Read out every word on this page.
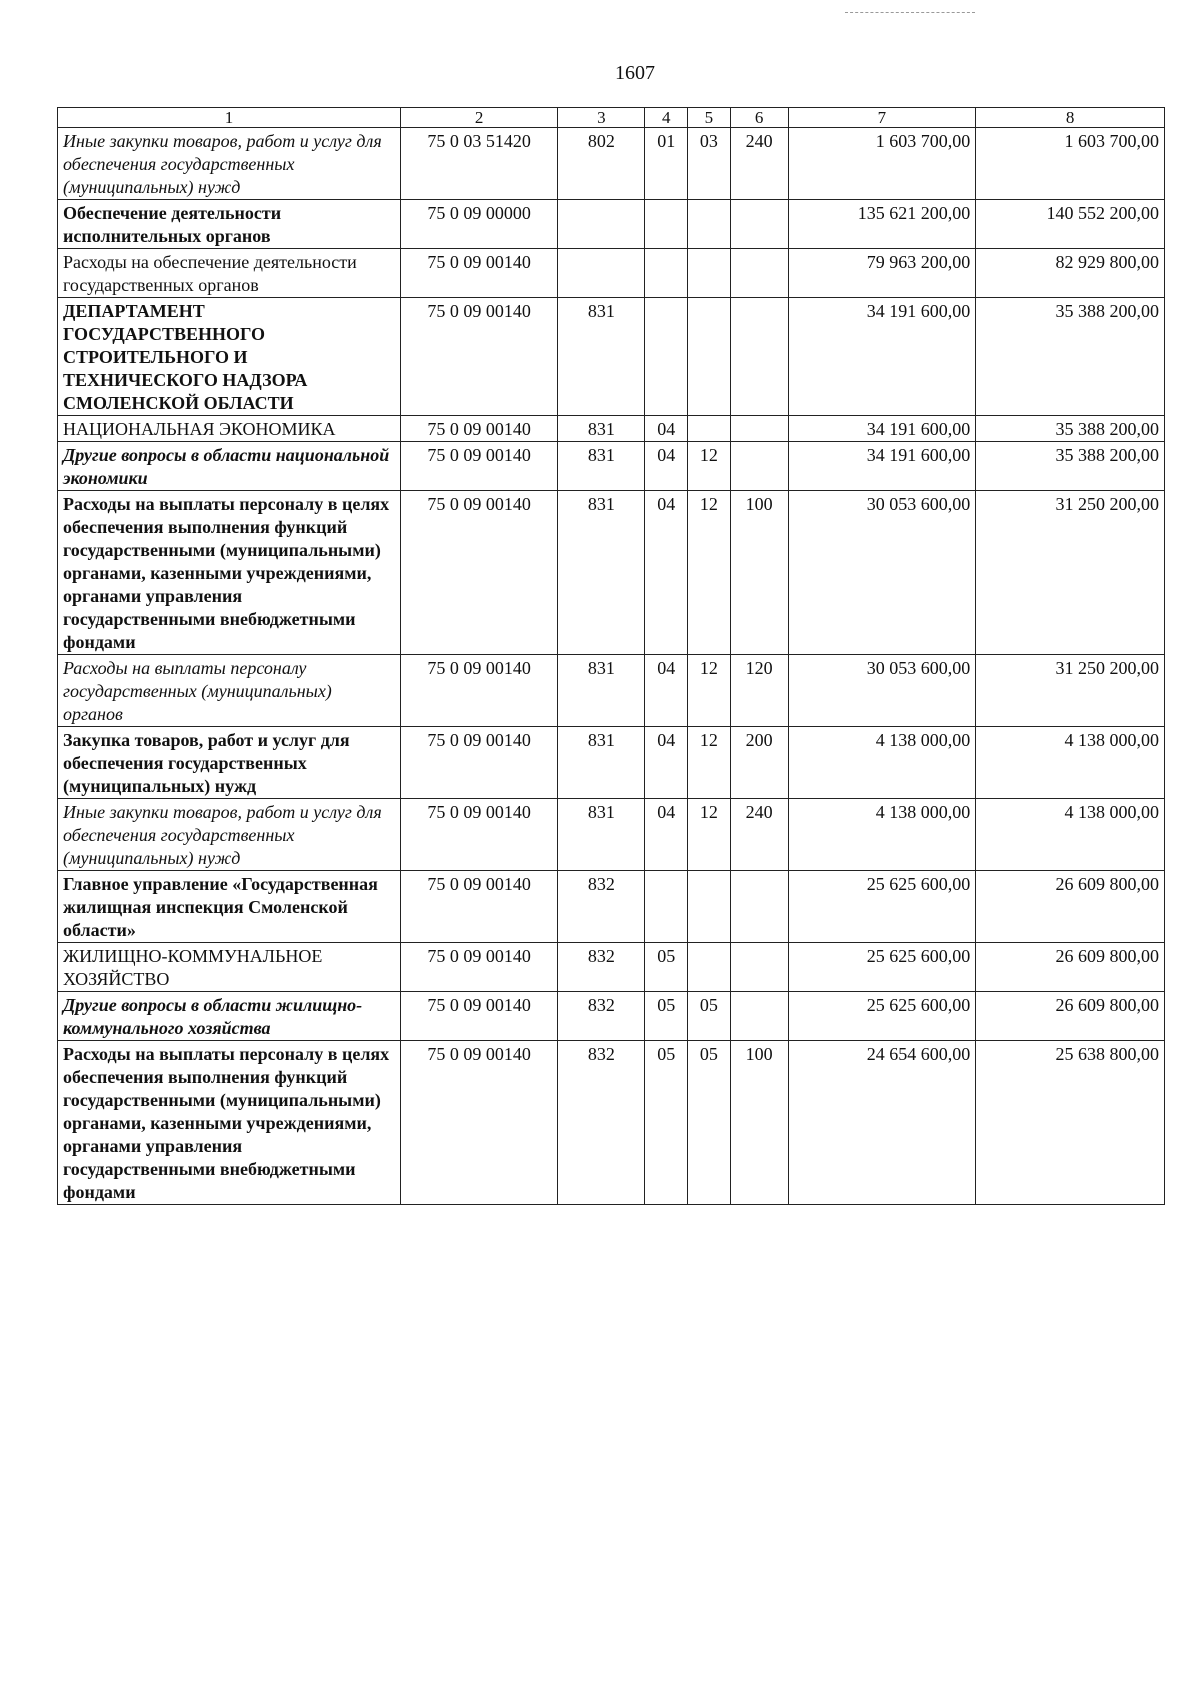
1607
1	2	3	4	5	6	7	8
Иные закупки товаров, работ и услуг для обеспечения государственных (муниципальных) нужд	75 0 03 51420	802	01	03	240	1 603 700,00	1 603 700,00
Обеспечение деятельности исполнительных органов	75 0 09 00000					135 621 200,00	140 552 200,00
Расходы на обеспечение деятельности государственных органов	75 0 09 00140					79 963 200,00	82 929 800,00
ДЕПАРТАМЕНТ ГОСУДАРСТВЕННОГО СТРОИТЕЛЬНОГО И ТЕХНИЧЕСКОГО НАДЗОРА СМОЛЕНСКОЙ ОБЛАСТИ	75 0 09 00140	831				34 191 600,00	35 388 200,00
НАЦИОНАЛЬНАЯ ЭКОНОМИКА	75 0 09 00140	831	04			34 191 600,00	35 388 200,00
Другие вопросы в области национальной экономики	75 0 09 00140	831	04	12		34 191 600,00	35 388 200,00
Расходы на выплаты персоналу в целях обеспечения выполнения функций государственными (муниципальными) органами, казенными учреждениями, органами управления государственными внебюджетными фондами	75 0 09 00140	831	04	12	100	30 053 600,00	31 250 200,00
Расходы на выплаты персоналу государственных (муниципальных) органов	75 0 09 00140	831	04	12	120	30 053 600,00	31 250 200,00
Закупка товаров, работ и услуг для обеспечения государственных (муниципальных) нужд	75 0 09 00140	831	04	12	200	4 138 000,00	4 138 000,00
Иные закупки товаров, работ и услуг для обеспечения государственных (муниципальных) нужд	75 0 09 00140	831	04	12	240	4 138 000,00	4 138 000,00
Главное управление «Государственная жилищная инспекция Смоленской области»	75 0 09 00140	832				25 625 600,00	26 609 800,00
ЖИЛИЩНО-КОММУНАЛЬНОЕ ХОЗЯЙСТВО	75 0 09 00140	832	05			25 625 600,00	26 609 800,00
Другие вопросы в области жилищно-коммунального хозяйства	75 0 09 00140	832	05	05		25 625 600,00	26 609 800,00
Расходы на выплаты персоналу в целях обеспечения выполнения функций государственными (муниципальными) органами, казенными учреждениями, органами управления государственными внебюджетными фондами	75 0 09 00140	832	05	05	100	24 654 600,00	25 638 800,00
